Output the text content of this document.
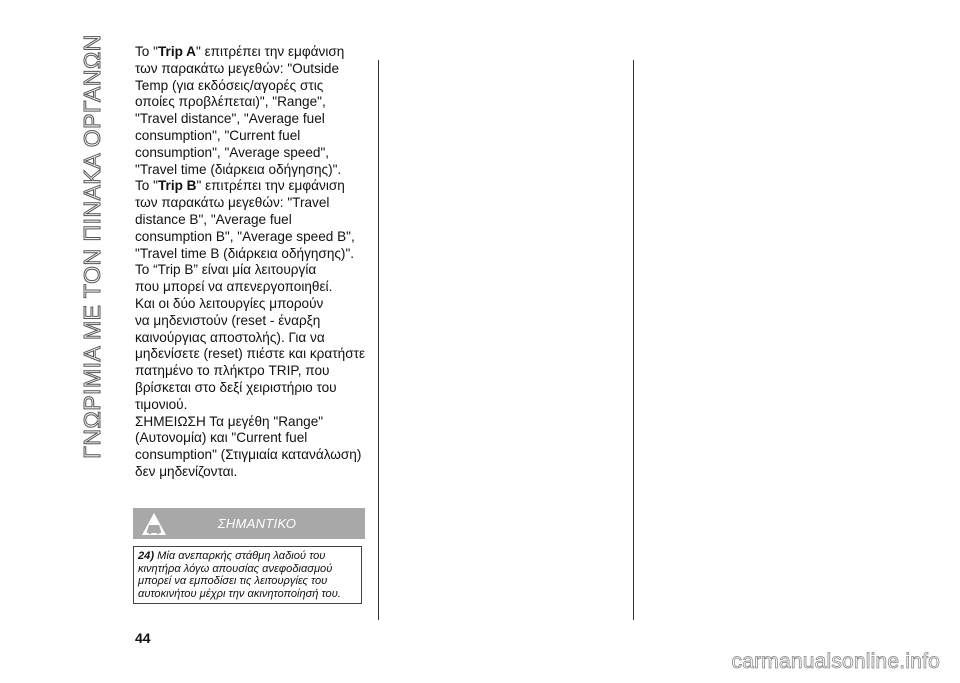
ΓΝΩΡΙΜΙΑ ΜΕ ΤΟΝ ΠΙΝΑΚΑ ΟΡΓΑΝΩΝ Το "Trip A" επιτρέπει την εμφάνιση
των παρακάτω μεγεθών: "Outside
Temp (για εκδόσεις/αγορές στις
οποίες προβλέπεται)", "Range",
"Travel distance", "Average fuel
consumption", "Current fuel
consumption", "Average speed",
"Travel time (διάρκεια οδήγησης)".

Το "Trip B" επιτρέπει την εμφάνιση
των παρακάτω μεγεθών: "Travel
distance B", "Average fuel
consumption B", "Average speed B",
"Travel time B (διάρκεια οδήγησης)".

Το “Trip B” είναι μία λειτουργία
που μπορεί να απενεργοποιηθεί.
Και οι δύο λειτουργίες μπορούν
να μηδενιστούν (reset - έναρξη
καινούργιας αποστολής). Για να
μηδενίσετε (reset) πιέστε και κρατήστε
πατημένο το πλήκτρο TRIP, που
βρίσκεται στο δεξί χειριστήριο του
τιμονιού.

ΣΗΜΕΙΩΣΗ Τα μεγέθη "Range"
(Αυτονομία) και "Current fuel
consumption" (Στιγμιαία κατανάλωση)
δεν μηδενίζονται.

ΣΗΜΑΝΤΙΚΟ
24) Μία ανεπαρκής στάθμη λαδιού του
κινητήρα λόγω απουσίας ανεφοδιασμού
μπορεί να εμποδίσει τις λειτουργίες του
αυτοκινήτου μέχρι την ακινητοποίησή του.
44
carmanualsonline.info
